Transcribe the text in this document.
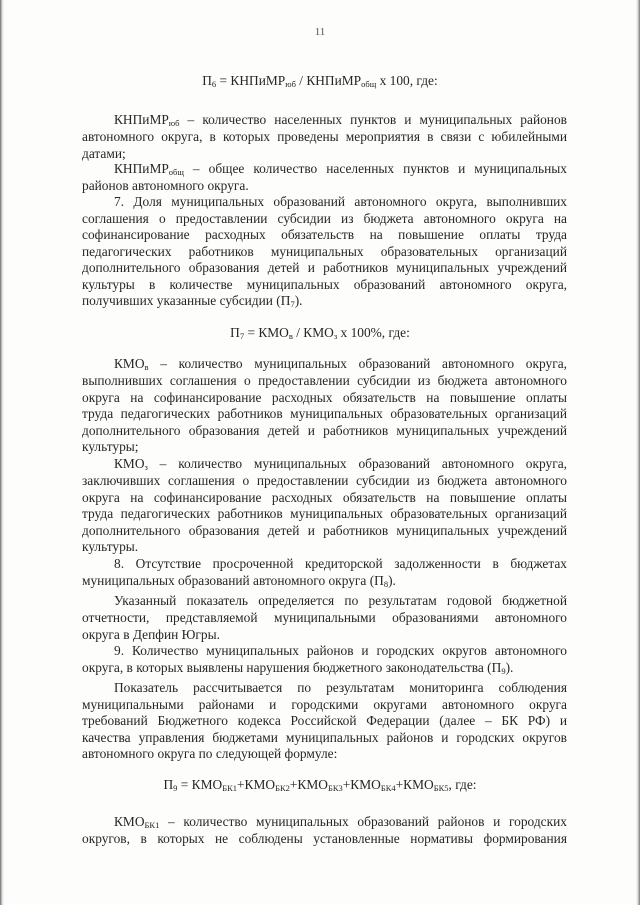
11
$П_6$ = КНПиМР$_{юб}$ / КНПиМР$_{общ}$ х 100, где:
КНПиМР$_{юб}$ – количество населенных пунктов и муниципальных районов
автономного округа, в которых проведены мероприятия в связи с юбилейными
датами;
КНПиМР$_{общ}$ – общее количество населенных пунктов и муниципальных
районов автономного округа.
7. Доля муниципальных образований автономного округа, выполнивших
соглашения о предоставлении субсидии из бюджета автономного округа на
софинансирование расходных обязательств на повышение оплаты труда
педагогических работников муниципальных образовательных организаций
дополнительного образования детей и работников муниципальных учреждений
культуры в количестве муниципальных образований автономного округа,
получивших указанные субсидии $(П_7)$.
$П_7 = КМО_в / КМО_з$ х 100%, где:
$КМО_в$ – количество муниципальных образований автономного округа,
выполнивших соглашения о предоставлении субсидии из бюджета автономного
округа на софинансирование расходных обязательств на повышение оплаты
труда педагогических работников муниципальных образовательных организаций
дополнительного образования детей и работников муниципальных учреждений
культуры;
$КМО_з$ – количество муниципальных образований автономного округа,
заключивших соглашения о предоставлении субсидии из бюджета автономного
округа на софинансирование расходных обязательств на повышение оплаты
труда педагогических работников муниципальных образовательных организаций
дополнительного образования детей и работников муниципальных учреждений
культуры.
8. Отсутствие просроченной кредиторской задолженности в бюджетах
муниципальных образований автономного округа $(П_8)$.
Указанный показатель определяется по результатам годовой бюджетной
отчетности, представляемой муниципальными образованиями автономного
округа в Депфин Югры.
9. Количество муниципальных районов и городских округов автономного
округа, в которых выявлены нарушения бюджетного законодательства $(П_9)$.
Показатель рассчитывается по результатам мониторинга соблюдения
муниципальными районами и городскими округами автономного округа
требований Бюджетного кодекса Российской Федерации (далее – БК РФ) и
качества управления бюджетами муниципальных районов и городских округов
автономного округа по следующей формуле:
$П_9 = КМО_{БК1}+КМО_{БК2}+КМО_{БК3}+КМО_{БК4}+КМО_{БК5}$, где:
$КМО_{БК1}$ – количество муниципальных образований районов и городских
округов, в которых не соблюдены установленные нормативы формирования
